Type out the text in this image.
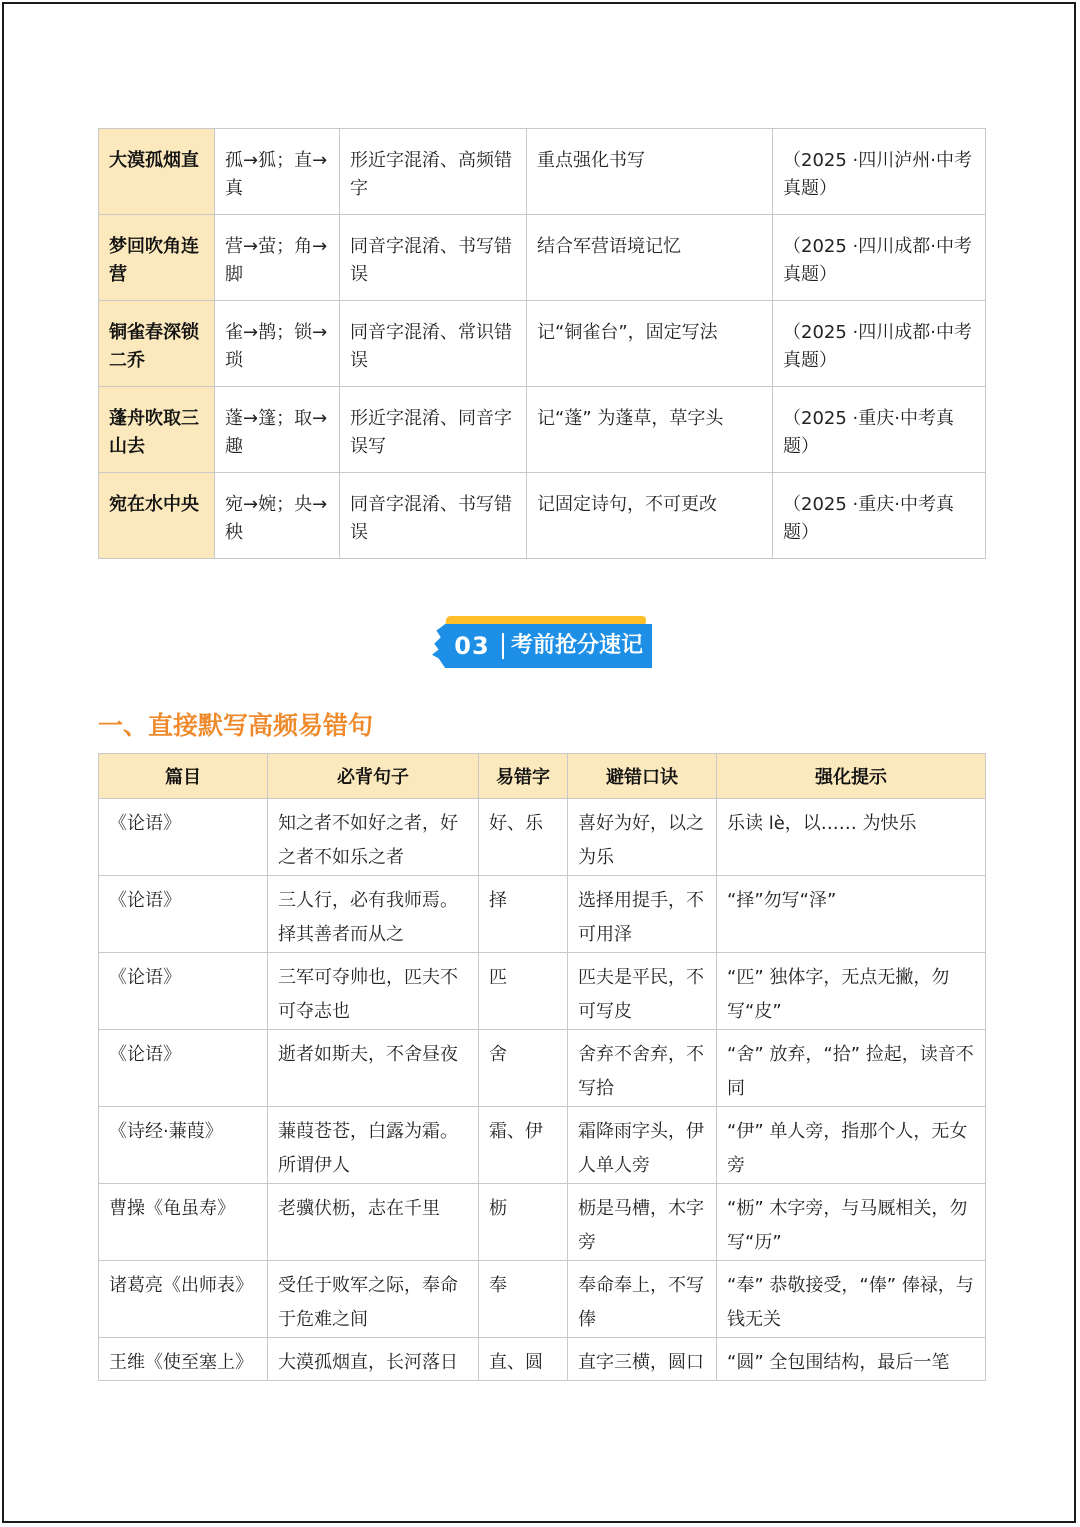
大漠孤烟直	孤→狐；直→真	形近字混淆、高频错字	重点强化书写	（2025 ·四川泸州·中考真题）
梦回吹角连营	营→萤；角→脚	同音字混淆、书写错误	结合军营语境记忆	（2025 ·四川成都·中考真题）
铜雀春深锁二乔	雀→鹊；锁→琐	同音字混淆、常识错误	记“铜雀台”，固定写法	（2025 ·四川成都·中考真题）
蓬舟吹取三山去	蓬→篷；取→趣	形近字混淆、同音字误写	记“蓬” 为蓬草，草字头	（2025 ·重庆·中考真题）
宛在水中央	宛→婉；央→秧	同音字混淆、书写错误	记固定诗句，不可更改	（2025 ·重庆·中考真题）
03 考前抢分速记
一、直接默写高频易错句
篇目	必背句子	易错字	避错口诀	强化提示
《论语》	知之者不如好之者，好之者不如乐之者	好、乐	喜好为好，以之为乐	乐读 lè，以…… 为快乐
《论语》	三人行，必有我师焉。择其善者而从之	择	选择用提手，不可用泽	“择”勿写“泽”
《论语》	三军可夺帅也，匹夫不可夺志也	匹	匹夫是平民，不可写皮	“匹” 独体字，无点无撇，勿写“皮”
《论语》	逝者如斯夫，不舍昼夜	舍	舍弃不舍弃，不写拾	“舍” 放弃，“拾” 捡起，读音不同
《诗经·蒹葭》	蒹葭苍苍，白露为霜。所谓伊人	霜、伊	霜降雨字头，伊人单人旁	“伊” 单人旁，指那个人，无女旁
曹操《龟虽寿》	老骥伏枥，志在千里	枥	枥是马槽，木字旁	“枥” 木字旁，与马厩相关，勿写“历”
诸葛亮《出师表》	受任于败军之际，奉命于危难之间	奉	奉命奉上，不写俸	“奉” 恭敬接受，“俸” 俸禄，与钱无关
王维《使至塞上》	大漠孤烟直，长河落日	直、圆	直字三横，圆口	“圆” 全包围结构，最后一笔
